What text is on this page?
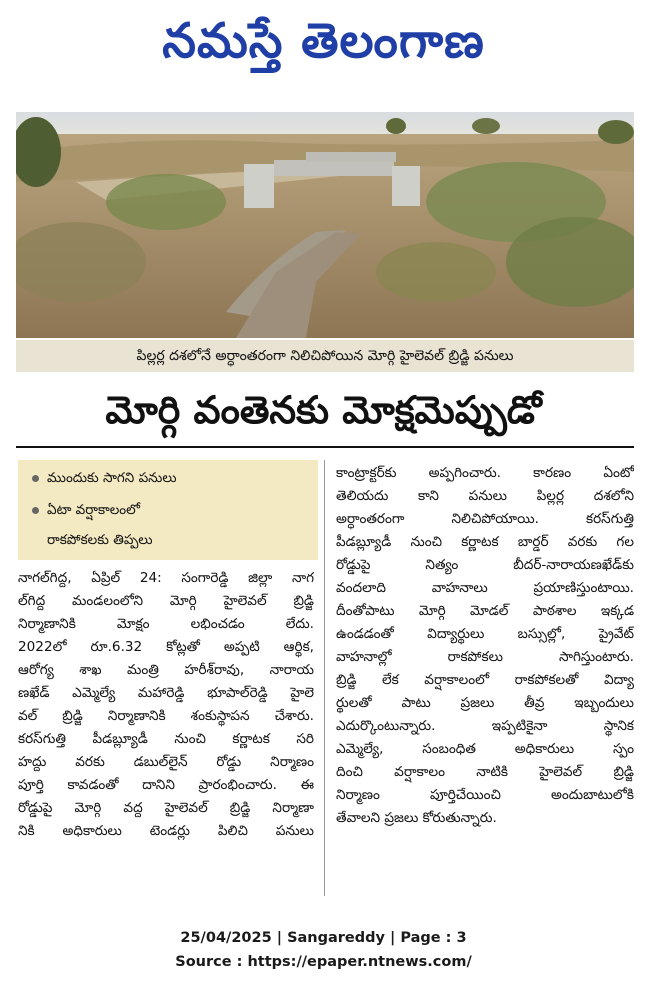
నమస్తే తెలంగాణ
పిల్లర్ల దశలోనే అర్ధాంతరంగా నిలిచిపోయిన మోర్గి హైలెవల్ బ్రిడ్జి పనులు
మోర్గి వంతెనకు మోక్షమెప్పుడో
ముందుకు సాగని పనులు
ఏటా వర్షాకాలంలో
రాకపోకలకు తిప్పలు
నాగల్‌గిద్ద, ఏప్రిల్ 24: సంగారెడ్డి జిల్లా నాగ
ల్‌గిద్ద మండలంలోని మోర్గి హైలెవల్ బ్రిడ్జి
నిర్మాణానికి మోక్షం లభించడం లేదు.
2022లో రూ.6.32 కోట్లతో అప్పటి ఆర్థిక,
ఆరోగ్య శాఖ మంత్రి హరీశ్‌రావు, నారాయ
ణఖేడ్ ఎమ్మెల్యే మహారెడ్డి భూపాల్‌రెడ్డి హైలె
వల్ బ్రిడ్జి నిర్మాణానికి శంకుస్థాపన చేశారు.
కరస్‌గుత్తి పీడబ్ల్యూడీ నుంచి కర్ణాటక సరి
హద్దు వరకు డబుల్‌లైన్ రోడ్డు నిర్మాణం
పూర్తి కావడంతో దానిని ప్రారంభించారు. ఈ
రోడ్డుపై మోర్గి వద్ద హైలెవల్ బ్రిడ్జి నిర్మాణా
నికి అధికారులు టెండర్లు పిలిచి పనులు
కాంట్రాక్టర్‌కు అప్పగించారు. కారణం ఏంటో
తెలియదు కాని పనులు పిల్లర్ల దశలోని
అర్ధాంతరంగా నిలిచిపోయాయి. కరస్‌గుత్తి
పీడబ్ల్యూడీ నుంచి కర్ణాటక బార్డర్ వరకు గల
రోడ్డుపై నిత్యం బీదర్-నారాయణఖేడ్‌కు
వందలాది వాహనాలు ప్రయాణిస్తుంటాయి.
దీంతోపాటు మోర్గి మోడల్ పాఠశాల ఇక్కడ
ఉండడంతో విద్యార్థులు బస్సుల్లో, ప్రైవేట్
వాహనాల్లో రాకపోకలు సాగిస్తుంటారు.
బ్రిడ్జి లేక వర్షాకాలంలో రాకపోకలతో విద్యా
ర్థులతో పాటు ప్రజలు తీవ్ర ఇబ్బందులు
ఎదుర్కొంటున్నారు. ఇప్పటికైనా స్థానిక
ఎమ్మెల్యే, సంబంధిత అధికారులు స్పం
దించి వర్షాకాలం నాటికి హైలెవల్ బ్రిడ్జి
నిర్మాణం పూర్తిచేయించి అందుబాటులోకి
తేవాలని ప్రజలు కోరుతున్నారు.
25/04/2025 | Sangareddy | Page : 3
Source : https://epaper.ntnews.com/
